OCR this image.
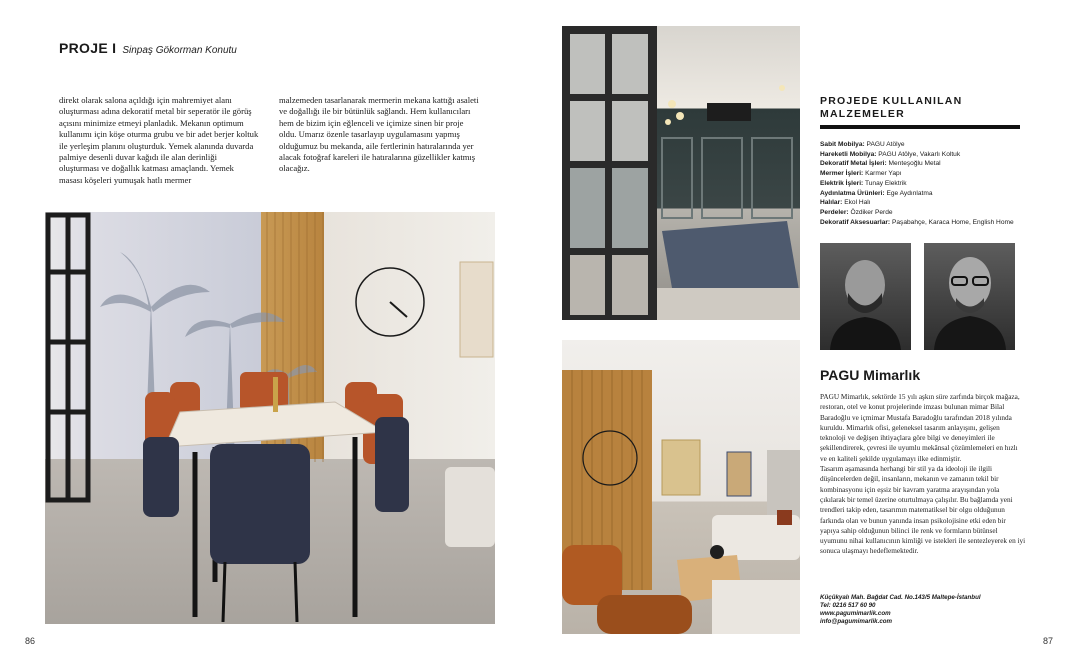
PROJE I Sinpaş Gökorman Konutu

direkt olarak salona açıldığı için mahremiyet alanı oluşturması adına dekoratif metal bir seperatör ile görüş açısını minimize etmeyi planladık. Mekanın optimum kullanımı için köşe oturma grubu ve bir adet berjer koltuk ile yerleşim planını oluşturduk. Yemek alanında duvarda palmiye desenli duvar kağıdı ile alan derinliği oluşturması ve doğallık katması amaçlandı. Yemek masası köşeleri yumuşak hatlı mermer

malzemeden tasarlanarak mermerin mekana kattığı asaleti ve doğallığı ile bir bütünlük sağlandı. Hem kullanıcıları hem de bizim için eğlenceli ve içimize sinen bir proje oldu. Umarız özenle tasarlayıp uygulamasını yapmış olduğumuz bu mekanda, aile fertlerinin hatıralarında yer alacak fotoğraf kareleri ile hatıralarına güzellikler katmış olacağız.

PROJEDE KULLANILAN
MALZEMELER
Sabit Mobilya: PAGU Atölye
Hareketli Mobilya: PAGU Atölye, Vakarlı Koltuk
Dekoratif Metal İşleri: Menteşoğlu Metal
Mermer İşleri: Karmer Yapı
Elektrik İşleri: Tunay Elektrik
Aydınlatma Ürünleri: Ege Aydınlatma
Halılar: Ekol Halı
Perdeler: Özdiker Perde
Dekoratif Aksesuarlar: Paşabahçe, Karaca Home, English Home
PAGU Mimarlık

PAGU Mimarlık, sektörde 15 yılı aşkın süre zarfında birçok mağaza, restoran, otel ve konut projelerinde imzası bulunan mimar Bilal Baradoğlu ve içmimar Mustafa Baradoğlu tarafından 2018 yılında kuruldu. Mimarlık ofisi, geleneksel tasarım anlayışını, gelişen teknoloji ve değişen ihtiyaçlara göre bilgi ve deneyimleri ile şekillendirerek, çevresi ile uyumlu mekânsal çözümlemeleri en hızlı ve en kaliteli şekilde uygulamayı ilke edinmiştir.

Tasarım aşamasında herhangi bir stil ya da ideoloji ile ilgili düşüncelerden değil, insanların, mekanın ve zamanın tekil bir kombinasyonu için eşsiz bir kavram yaratma arayışından yola çıkılarak bir temel üzerine oturtulmaya çalışılır. Bu bağlamda yeni trendleri takip eden, tasarımın matematiksel bir olgu olduğunun farkında olan ve bunun yanında insan psikolojisine etki eden bir yapıya sahip olduğunun bilinci ile renk ve formların bütünsel uyumunu nihai kullanıcının kimliği ve istekleri ile sentezleyerek en iyi sonuca ulaşmayı hedeflemektedir.

Küçükyalı Mah. Bağdat Cad. No.143/5 Maltepe-İstanbul
Tel: 0216 517 60 90
www.pagumimarlik.com
info@pagumimarlik.com
86	87
